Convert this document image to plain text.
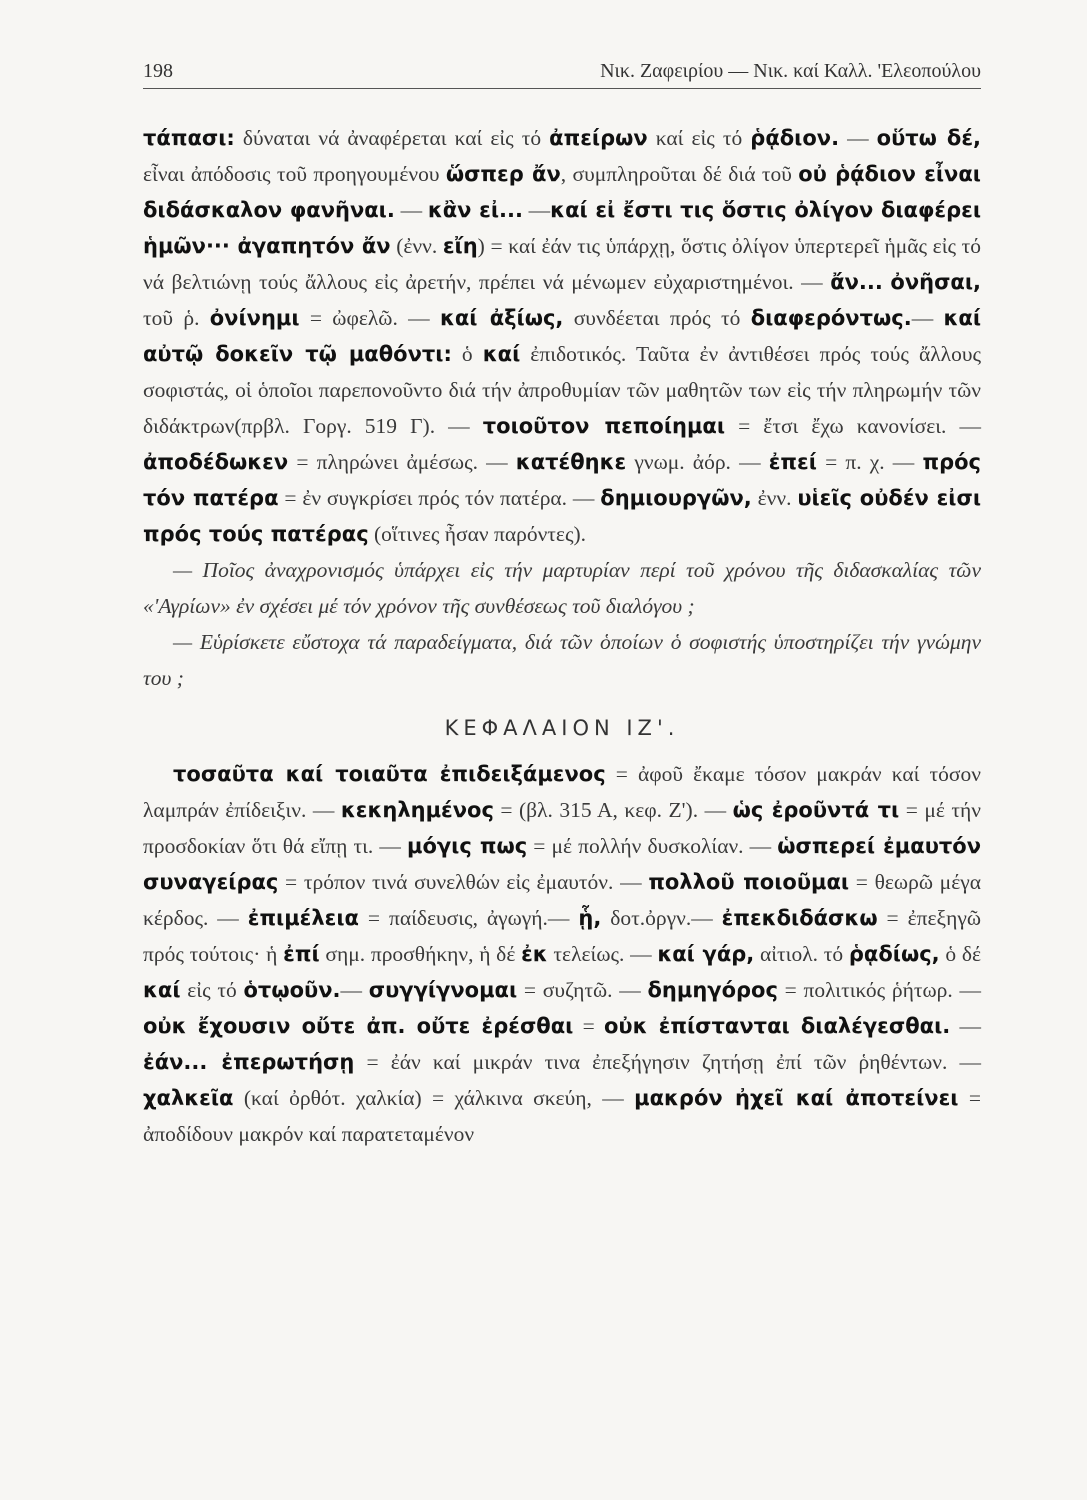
198	Νικ. Ζαφειρίου — Νικ. καί Καλλ. 'Ελεοπούλου

τάπασι: δύναται νά ἀναφέρεται καί εἰς τό ἀπείρων καί εἰς τό ῥᾴδιον. — οὕτω δέ, εἶναι ἀπόδοσις τοῦ προηγουμένου ὥσπερ ἄν, συμπληροῦται δέ διά τοῦ οὐ ῥᾴδιον εἶναι διδάσκαλον φανῆναι. — κἂν εἰ... —καί εἰ ἔστι τις ὅστις ὀλίγον διαφέρει ἡμῶν··· ἀγαπητόν ἄν (ἐνν. εἴη) = καί ἐάν τις ὑπάρχῃ, ὅστις ὀλίγον ὑπερτερεῖ ἡμᾶς εἰς τό νά βελτιώνῃ τούς ἄλλους εἰς ἀρετήν, πρέπει νά μένωμεν εὐχαριστημένοι. — ἄν... ὀνῆσαι, τοῦ ῥ. ὀνίνημι = ὠφελῶ. — καί ἀξίως, συνδέεται πρός τό διαφερόντως.— καί αὐτῷ δοκεῖν τῷ μαθόντι: ὁ καί ἐπιδοτικός. Ταῦτα ἐν ἀντιθέσει πρός τούς ἄλλους σοφιστάς, οἱ ὁποῖοι παρεπονοῦντο διά τήν ἀπροθυμίαν τῶν μαθητῶν των εἰς τήν πληρωμήν τῶν διδάκτρων(πρβλ. Γοργ. 519 Γ). — τοιοῦτον πεποίημαι = ἔτσι ἔχω κανονίσει. — ἀποδέδωκεν = πληρώνει ἀμέσως. — κατέθηκε γνωμ. ἀόρ. — ἐπεί = π. χ. — πρός τόν πατέρα = ἐν συγκρίσει πρός τόν πατέρα. — δημιουργῶν, ἐνν. υἱεῖς οὐδέν εἰσι πρός τούς πατέρας (οἵτινες ἦσαν παρόντες).

— Ποῖος ἀναχρονισμός ὑπάρχει εἰς τήν μαρτυρίαν περί τοῦ χρόνου τῆς διδασκαλίας τῶν «'Αγρίων» ἐν σχέσει μέ τόν χρόνον τῆς συνθέσεως τοῦ διαλόγου ;

— Εὑρίσκετε εὔστοχα τά παραδείγματα, διά τῶν ὁποίων ὁ σοφιστής ὑποστηρίζει τήν γνώμην του ;

ΚΕΦΑΛΑΙΟΝ ΙΖ'.

τοσαῦτα καί τοιαῦτα ἐπιδειξάμενος = ἀφοῦ ἔκαμε τόσον μακράν καί τόσον λαμπράν ἐπίδειξιν. — κεκηλημένος = (βλ. 315 Α, κεφ. Ζ'). — ὡς ἐροῦντά τι = μέ τήν προσδοκίαν ὅτι θά εἴπῃ τι. — μόγις πως = μέ πολλήν δυσκολίαν. — ὡσπερεί ἐμαυτόν συναγείρας = τρόπον τινά συνελθών εἰς ἐμαυτόν. — πολλοῦ ποιοῦμαι = θεωρῶ μέγα κέρδος. — ἐπιμέλεια = παίδευσις, ἀγωγή.— ᾗ, δοτ.ὀργν.— ἐπεκδιδάσκω = ἐπεξηγῶ πρός τούτοις· ἡ ἐπί σημ. προσθήκην, ἡ δέ ἐκ τελείως. — καί γάρ, αἰτιολ. τό ῥᾳδίως, ὁ δέ καί εἰς τό ὁτῳοῦν.— συγγίγνομαι = συζητῶ. — δημηγόρος = πολιτικός ῥήτωρ. — οὐκ ἔχουσιν οὔτε ἀπ. οὔτε ἐρέσθαι = οὐκ ἐπίστανται διαλέγεσθαι. — ἐάν... ἐπερωτήσῃ = ἐάν καί μικράν τινα ἐπεξήγησιν ζητήσῃ ἐπί τῶν ῥηθέντων. — χαλκεῖα (καί ὀρθότ. χαλκία) = χάλκινα σκεύη, — μακρόν ἠχεῖ καί ἀποτείνει = ἀποδίδουν μακρόν καί παρατεταμένον
